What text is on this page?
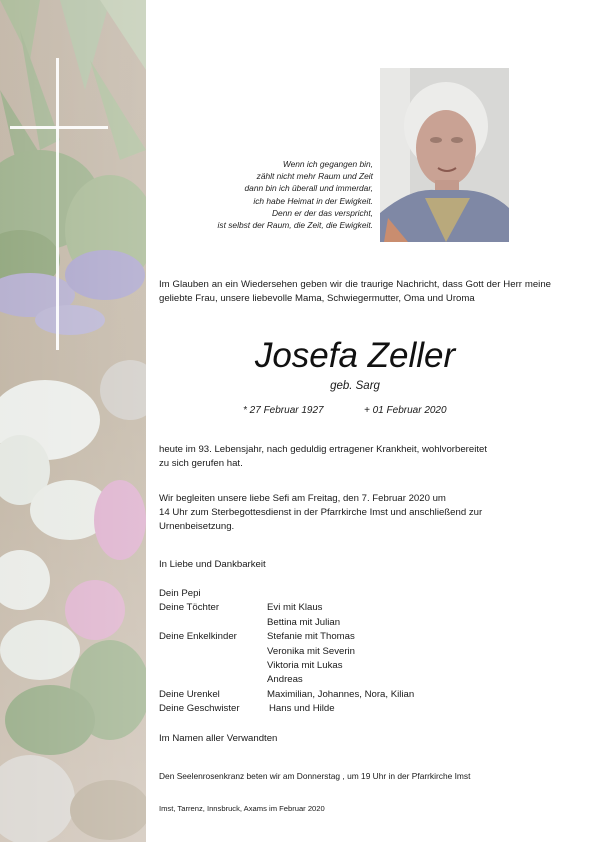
Wenn ich gegangen bin,
zählt nicht mehr Raum und Zeit
dann bin ich überall und immerdar,
ich habe Heimat in der Ewigkeit.
Denn er der das verspricht,
ist selbst der Raum, die Zeit, die Ewigkeit.
Im Glauben an ein Wiedersehen geben wir die traurige Nachricht, dass Gott der Herr meine geliebte Frau, unsere liebevolle Mama, Schwiegermutter, Oma und Uroma
Josefa Zeller
geb. Sarg
* 27 Februar 1927	+ 01 Februar 2020
heute im 93. Lebensjahr, nach geduldig ertragener Krankheit, wohlvorbereitet
zu sich gerufen hat.
Wir begleiten unsere liebe Sefi am Freitag, den 7. Februar 2020 um
14 Uhr zum Sterbegottesdienst in der Pfarrkirche Imst und anschließend zur
Urnenbeisetzung.
In Liebe und Dankbarkeit
Dein Pepi
Deine Töchter	Evi mit Klaus
Bettina mit Julian
Deine Enkelkinder	Stefanie mit Thomas
Veronika mit Severin
Viktoria mit Lukas
Andreas
Deine Urenkel	Maximilian, Johannes, Nora, Kilian
Deine Geschwister	Hans und Hilde
Im Namen aller Verwandten
Den Seelenrosenkranz beten wir am Donnerstag , um 19 Uhr in der Pfarrkirche Imst
Imst, Tarrenz, Innsbruck, Axams im Februar 2020
